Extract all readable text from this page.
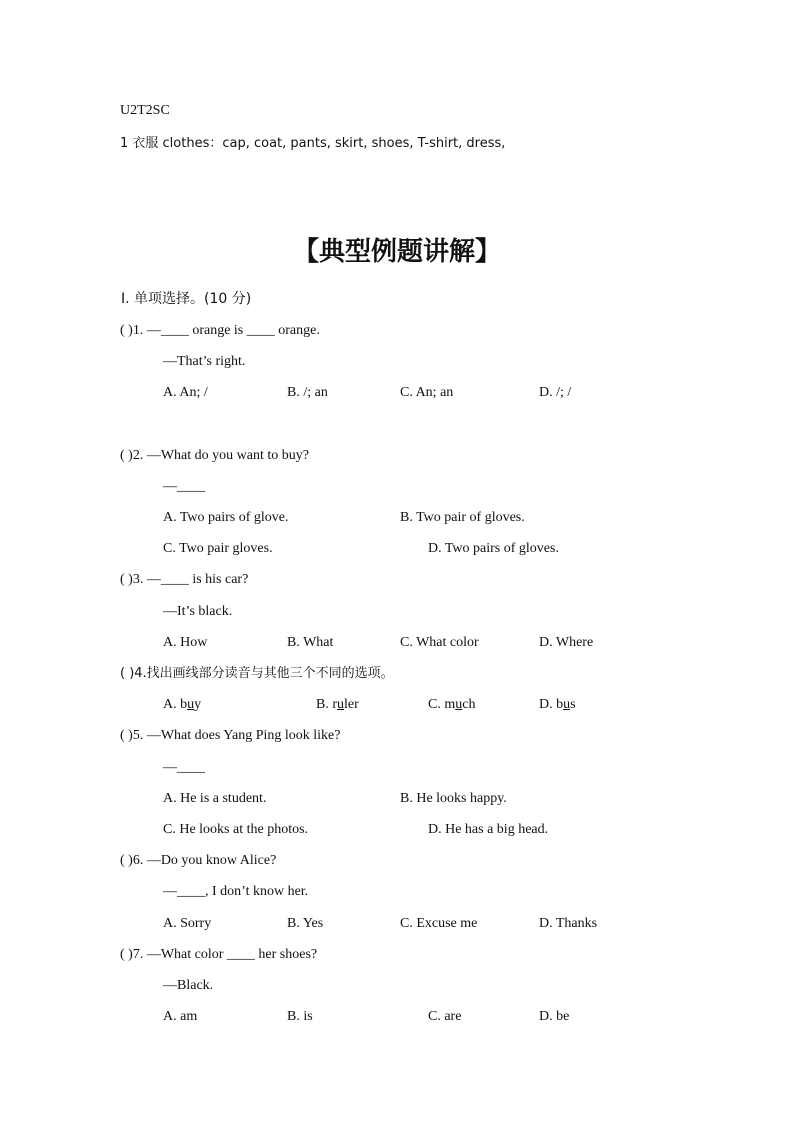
U2T2SC
1 衣服 clothes：cap, coat, pants, skirt, shoes, T-shirt, dress,
【典型例题讲解】
Ⅰ. 单项选择。(10 分)
( )1. —____ orange is ____ orange.
—That’s right.
A. An; /	B. /; an	C. An; an	D. /; /
( )2. —What do you want to buy?
—____
A. Two pairs of glove.	B. Two pair of gloves.
C. Two pair gloves.	D. Two pairs of gloves.
( )3. —____ is his car?
—It’s black.
A. How	B. What	C. What color	D. Where
( )4.找出画线部分读音与其他三个不同的选项。
A. buy	B. ruler	C. much	D. bus
( )5. —What does Yang Ping look like?
—____
A. He is a student.	B. He looks happy.
C. He looks at the photos.	D. He has a big head.
( )6. —Do you know Alice?
—____, I don’t know her.
A. Sorry	B. Yes	C. Excuse me	D. Thanks
( )7. —What color ____ her shoes?
—Black.
A. am	B. is	C. are	D. be
